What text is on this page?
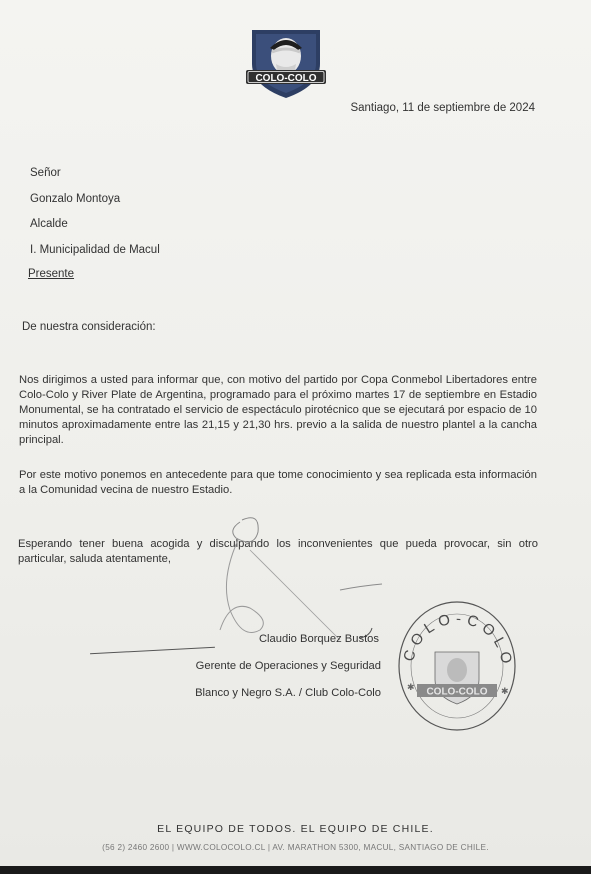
COLO-COLO
Santiago, 11 de septiembre de 2024
Señor
Gonzalo Montoya
Alcalde
I. Municipalidad de Macul
Presente
De nuestra consideración:
Nos dirigimos a usted para informar que, con motivo del partido por Copa Conmebol Libertadores entre Colo-Colo y River Plate de Argentina, programado para el próximo martes 17 de septiembre en Estadio Monumental, se ha contratado el servicio de espectáculo pirotécnico que se ejecutará por espacio de 10 minutos aproximadamente entre las 21,15 y 21,30 hrs. previo a la salida de nuestro plantel a la cancha principal.
Por este motivo ponemos en antecedente para que tome conocimiento y sea replicada esta información a la Comunidad vecina de nuestro Estadio.
Esperando tener buena acogida y disculpando los inconvenientes que pueda provocar, sin otro particular, saluda atentamente,
Claudio Borquez Bustos
Gerente de Operaciones y Seguridad
Blanco y Negro S.A. / Club Colo-Colo
COLO-COLO
COLO-COLO
✱	✱
EL EQUIPO DE TODOS. EL EQUIPO DE CHILE.
(56 2) 2460 2600 | WWW.COLOCOLO.CL | AV. MARATHON 5300, MACUL, SANTIAGO DE CHILE.
